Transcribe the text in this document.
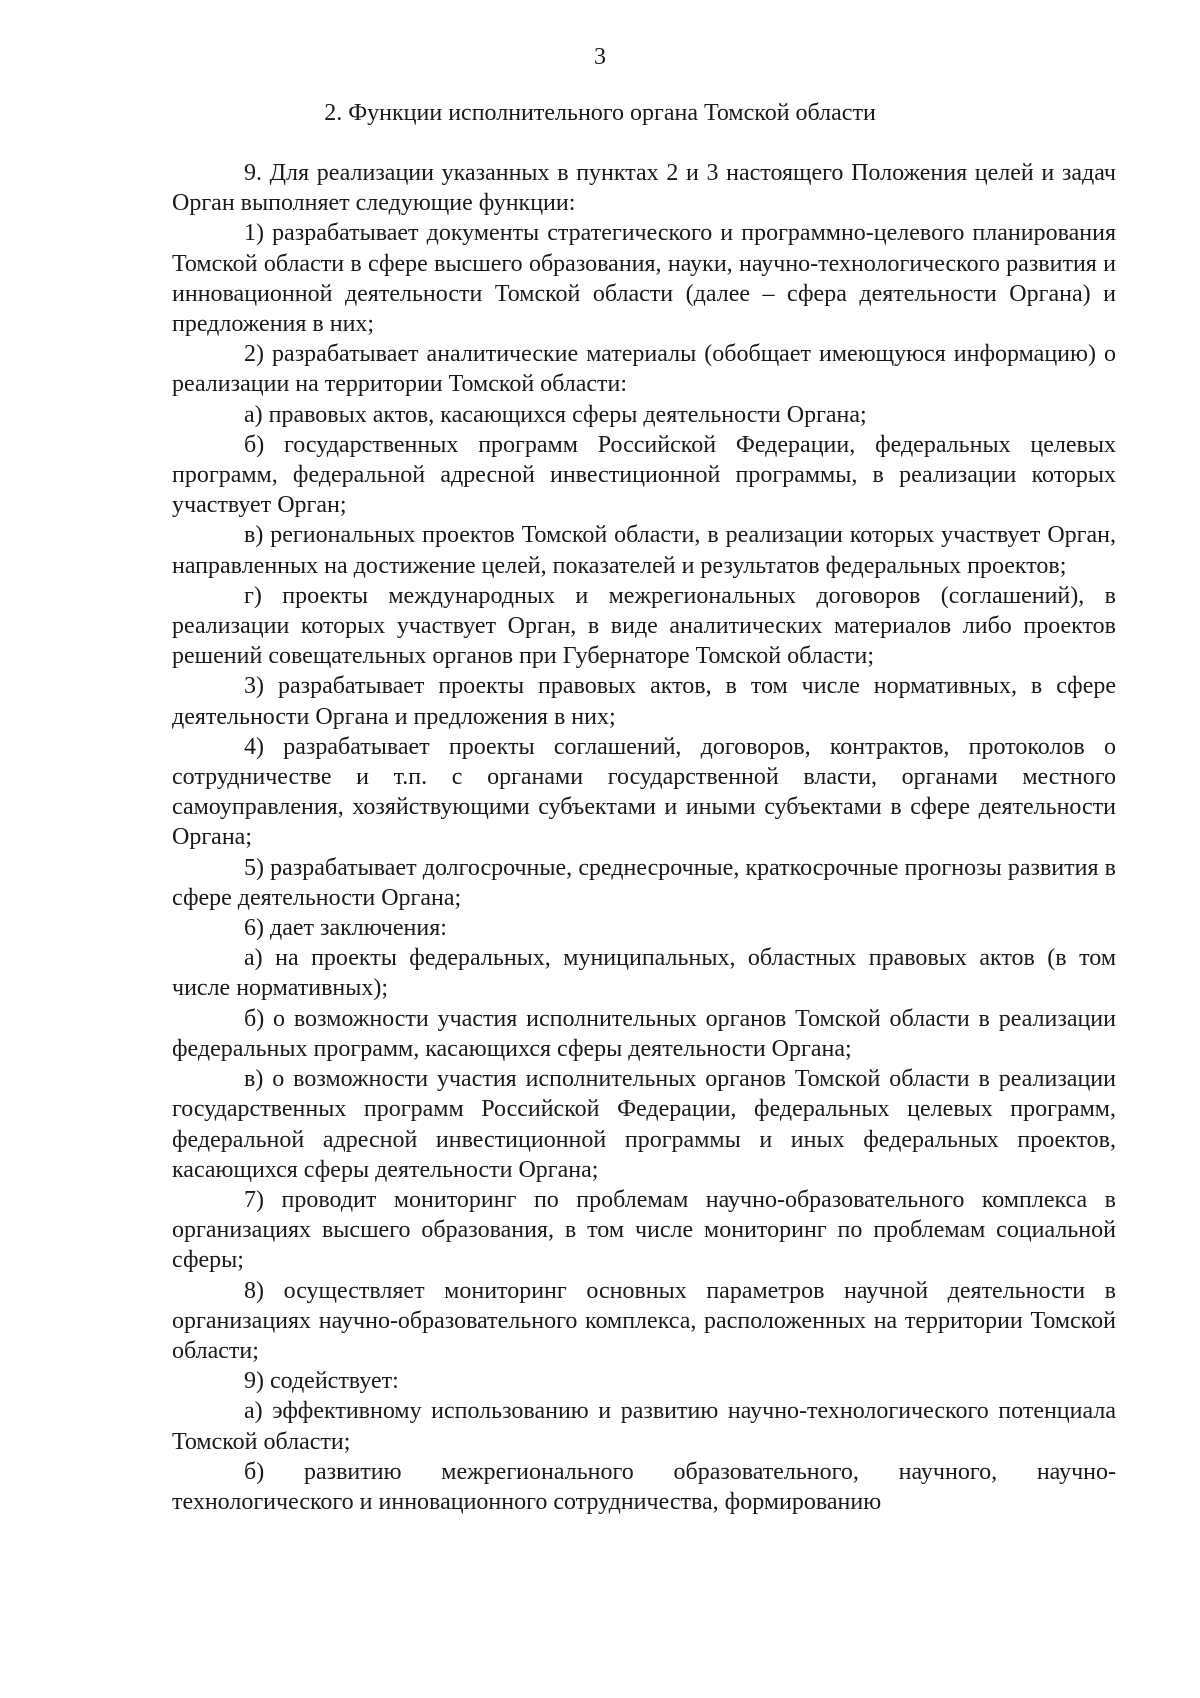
3
2. Функции исполнительного органа Томской области

9. Для реализации указанных в пунктах 2 и 3 настоящего Положения целей и задач Орган выполняет следующие функции:

1) разрабатывает документы стратегического и программно-целевого планирования Томской области в сфере высшего образования, науки, научно-технологического развития и инновационной деятельности Томской области (далее – сфера деятельности Органа) и предложения в них;

2) разрабатывает аналитические материалы (обобщает имеющуюся информацию) о реализации на территории Томской области:

а) правовых актов, касающихся сферы деятельности Органа;

б) государственных программ Российской Федерации, федеральных целевых программ, федеральной адресной инвестиционной программы, в реализации которых участвует Орган;

в) региональных проектов Томской области, в реализации которых участвует Орган, направленных на достижение целей, показателей и результатов федеральных проектов;

г) проекты международных и межрегиональных договоров (соглашений), в реализации которых участвует Орган, в виде аналитических материалов либо проектов решений совещательных органов при Губернаторе Томской области;

3) разрабатывает проекты правовых актов, в том числе нормативных, в сфере деятельности Органа и предложения в них;

4) разрабатывает проекты соглашений, договоров, контрактов, протоколов о сотрудничестве и т.п. с органами государственной власти, органами местного самоуправления, хозяйствующими субъектами и иными субъектами в сфере деятельности Органа;

5) разрабатывает долгосрочные, среднесрочные, краткосрочные прогнозы развития в сфере деятельности Органа;

6) дает заключения:

а) на проекты федеральных, муниципальных, областных правовых актов (в том числе нормативных);

б) о возможности участия исполнительных органов Томской области в реализации федеральных программ, касающихся сферы деятельности Органа;

в) о возможности участия исполнительных органов Томской области в реализации государственных программ Российской Федерации, федеральных целевых программ, федеральной адресной инвестиционной программы и иных федеральных проектов, касающихся сферы деятельности Органа;

7) проводит мониторинг по проблемам научно-образовательного комплекса в организациях высшего образования, в том числе мониторинг по проблемам социальной сферы;

8) осуществляет мониторинг основных параметров научной деятельности в организациях научно-образовательного комплекса, расположенных на территории Томской области;

9) содействует:

а) эффективному использованию и развитию научно-технологического потенциала Томской области;

б) развитию межрегионального образовательного, научного, научно-технологического и инновационного сотрудничества, формированию
